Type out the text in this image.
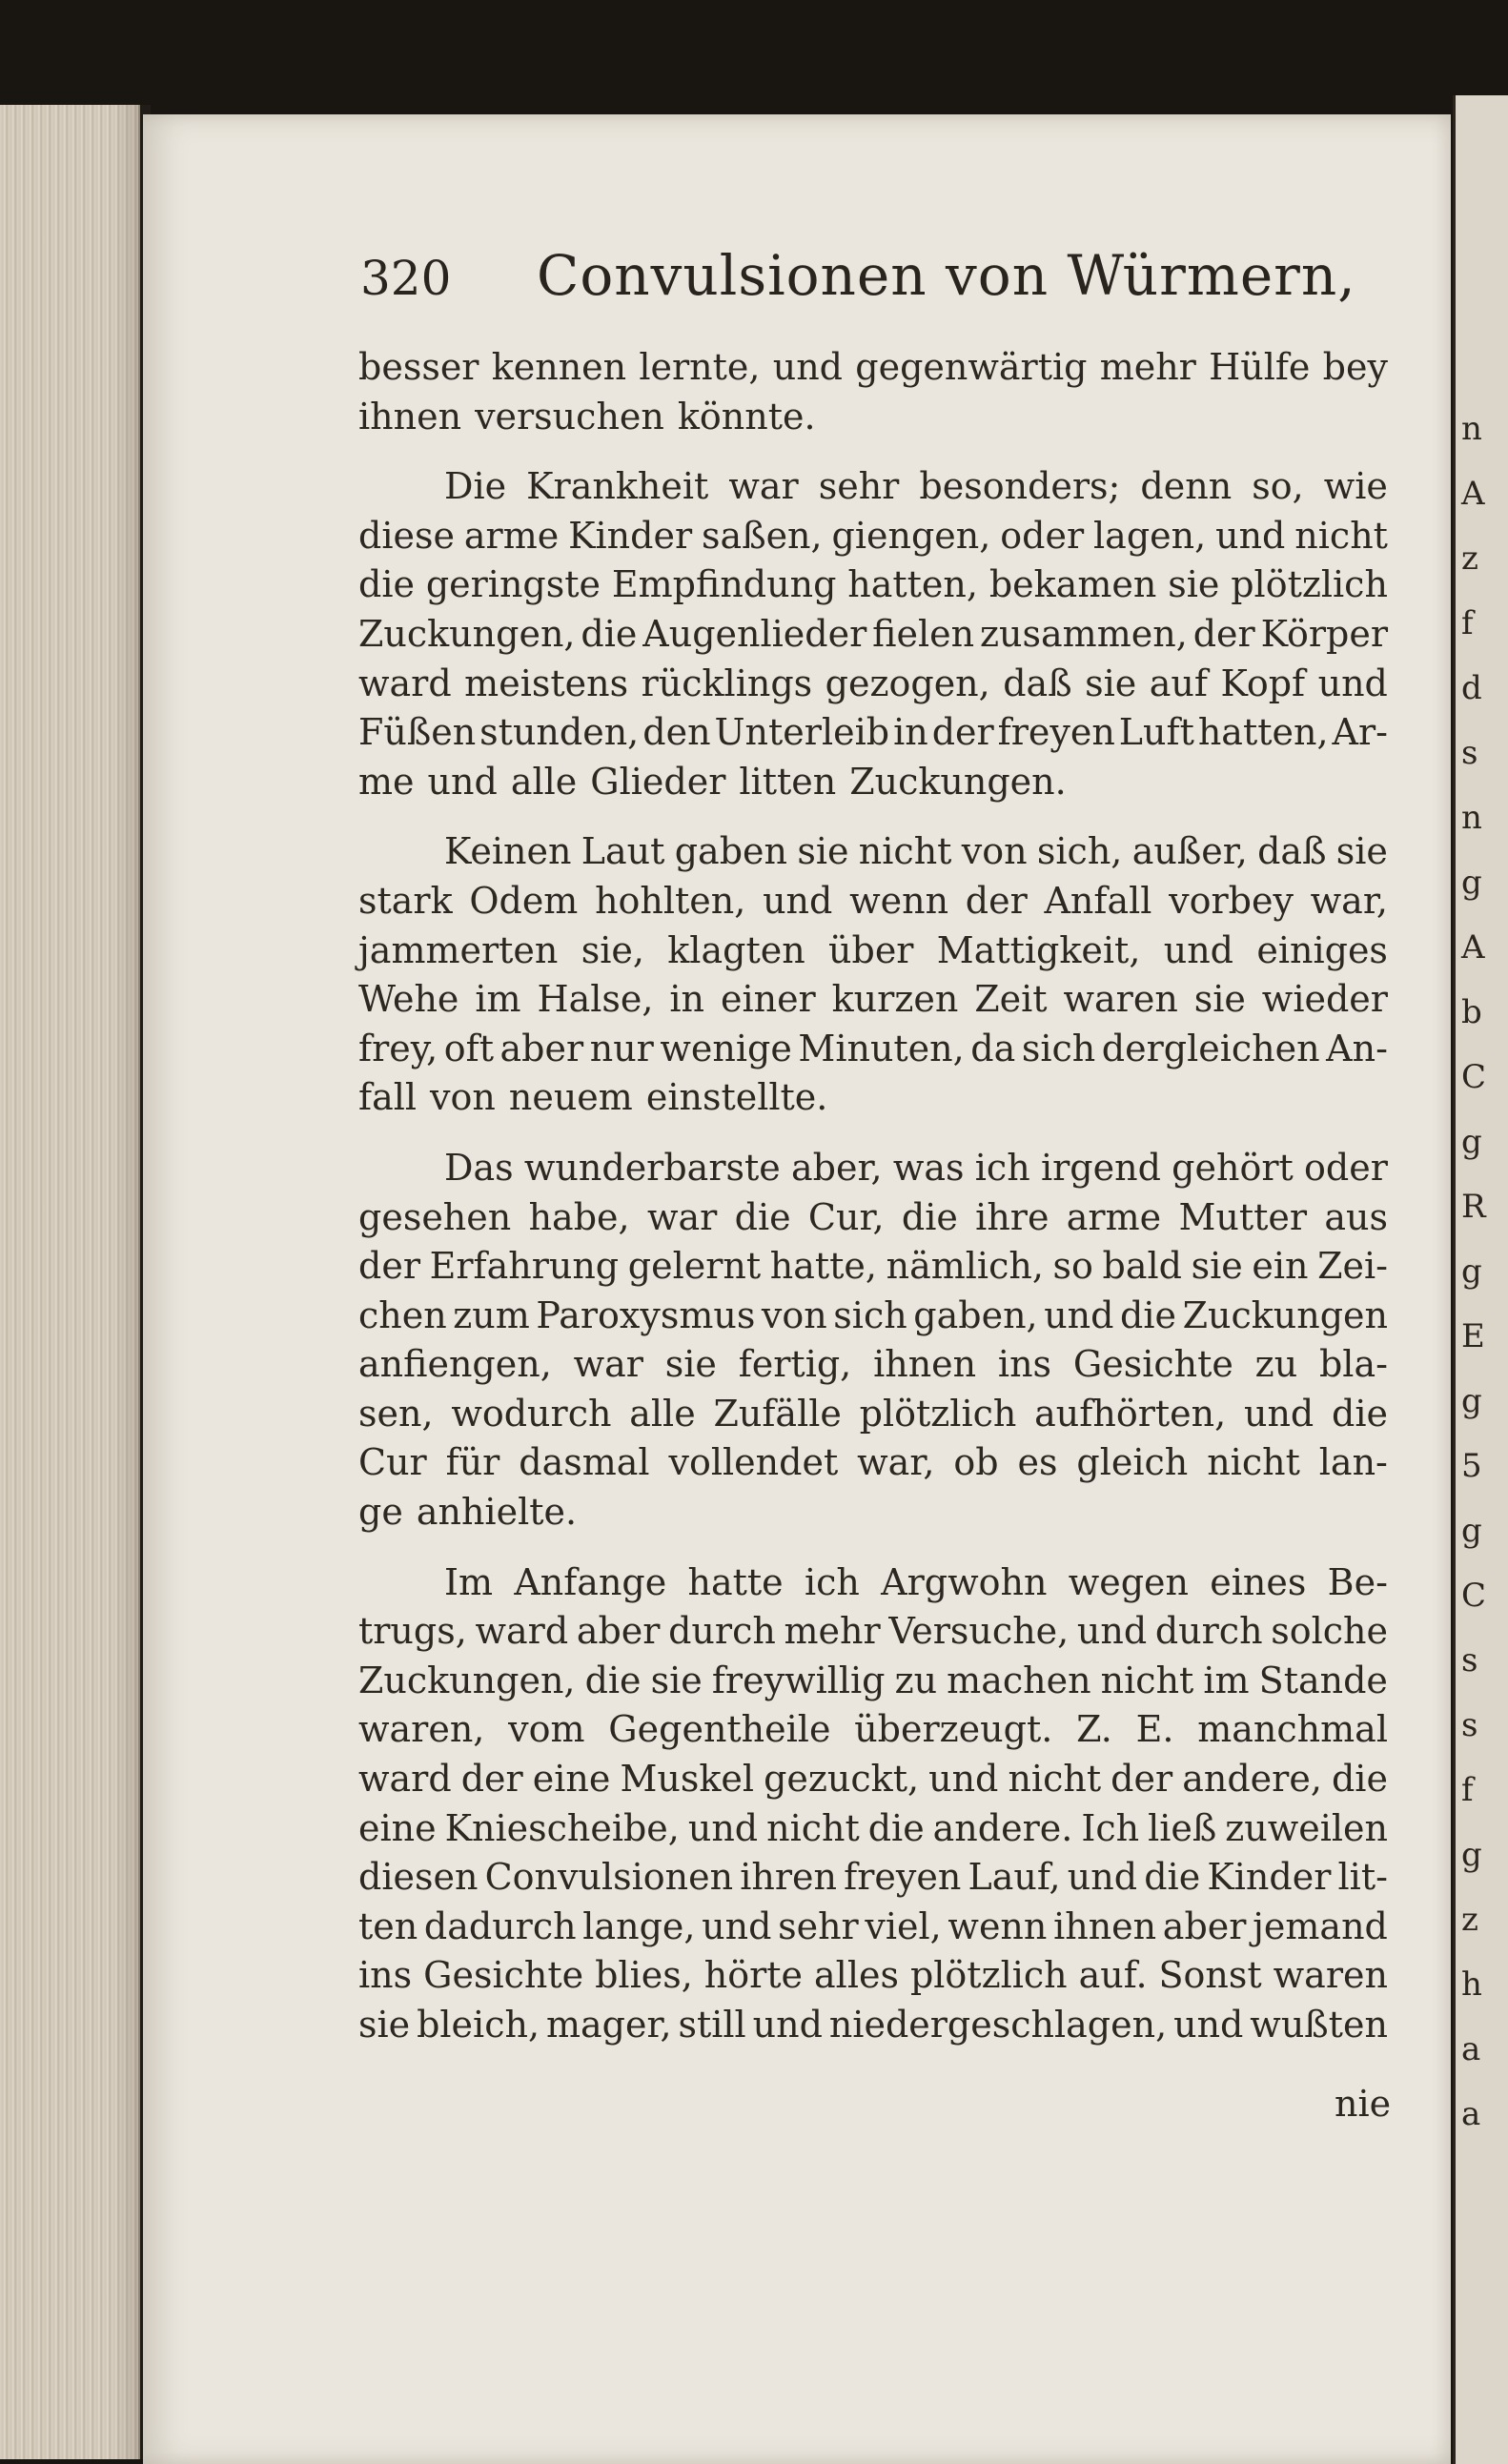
n
A
z
f
d
s
n
g
A
b
C
g
R
g
E
g
5
g
C
s
s
f
g
z
h
a
a
320 Convulsionen von Würmern,
besser kennen lernte, und gegenwärtig mehr Hülfe bey
ihnen versuchen könnte.
Die Krankheit war sehr besonders; denn so, wie
diese arme Kinder saßen, giengen, oder lagen, und nicht
die geringste Empfindung hatten, bekamen sie plötzlich
Zuckungen, die Augenlieder fielen zusammen, der Körper
ward meistens rücklings gezogen, daß sie auf Kopf und
Füßen stunden, den Unterleib in der freyen Luft hatten, Ar-
me und alle Glieder litten Zuckungen.
Keinen Laut gaben sie nicht von sich, außer, daß sie
stark Odem hohlten, und wenn der Anfall vorbey war,
jammerten sie, klagten über Mattigkeit, und einiges
Wehe im Halse, in einer kurzen Zeit waren sie wieder
frey, oft aber nur wenige Minuten, da sich dergleichen An-
fall von neuem einstellte.
Das wunderbarste aber, was ich irgend gehört oder
gesehen habe, war die Cur, die ihre arme Mutter aus
der Erfahrung gelernt hatte, nämlich, so bald sie ein Zei-
chen zum Paroxysmus von sich gaben, und die Zuckungen
anfiengen, war sie fertig, ihnen ins Gesichte zu bla-
sen, wodurch alle Zufälle plötzlich aufhörten, und die
Cur für dasmal vollendet war, ob es gleich nicht lan-
ge anhielte.
Im Anfange hatte ich Argwohn wegen eines Be-
trugs, ward aber durch mehr Versuche, und durch solche
Zuckungen, die sie freywillig zu machen nicht im Stande
waren, vom Gegentheile überzeugt. Z. E. manchmal
ward der eine Muskel gezuckt, und nicht der andere, die
eine Kniescheibe, und nicht die andere. Ich ließ zuweilen
diesen Convulsionen ihren freyen Lauf, und die Kinder lit-
ten dadurch lange, und sehr viel, wenn ihnen aber jemand
ins Gesichte blies, hörte alles plötzlich auf. Sonst waren
sie bleich, mager, still und niedergeschlagen, und wußten
nie
